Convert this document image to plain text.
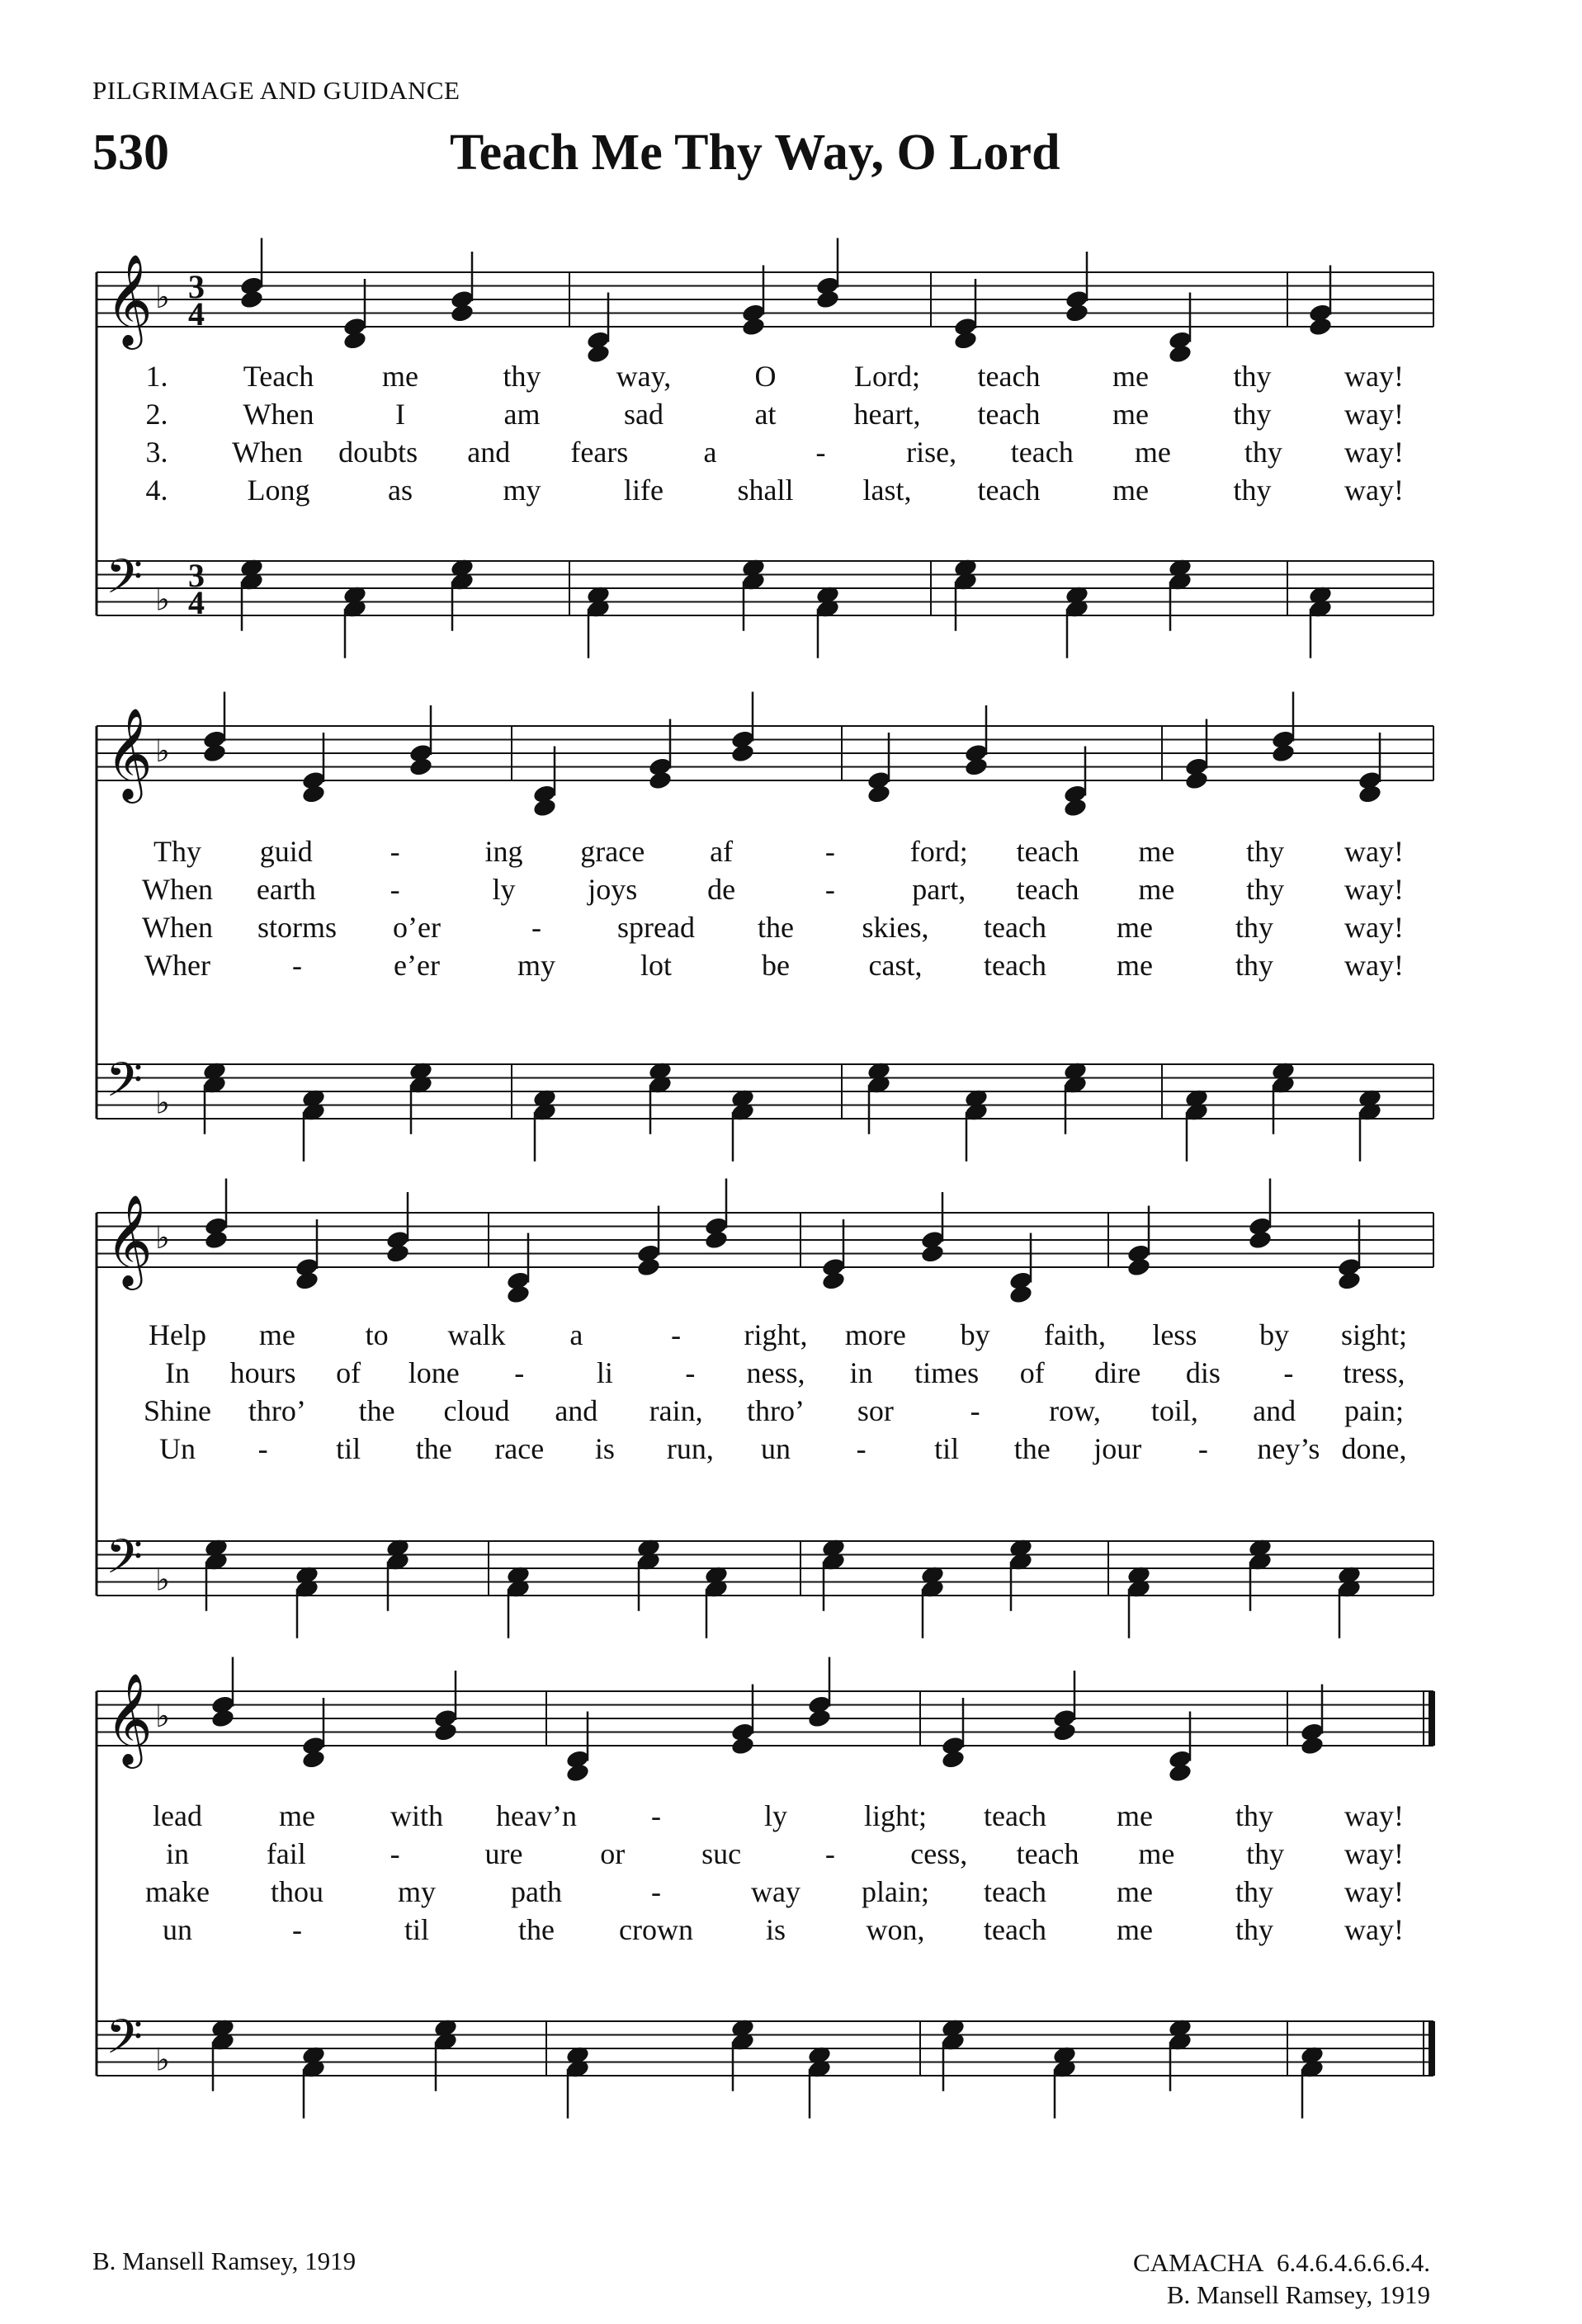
PILGRIMAGE AND GUIDANCE
530	Teach Me Thy Way, O Lord
𝄞
𝄢
♭
♭
3
4
3
4
1.	Teach me	thy	way,	O	Lord; teach me	thy way!
2.	When	I	am	sad	at	heart, teach me	thy way!
3. When doubts and fears	a	-	rise, teach me thy way!
4.	Long	as	my	life shall last, teach me	thy way!
𝄞
𝄢
♭
♭
Thy guid	-	ing grace af	-	ford; teach me thy way!
When earth -	ly joys de	-	part, teach me thy way!
When storms o’er	-	spread the skies, teach me	thy way!
Wher	-	e’er	my	lot	be	cast, teach me	thy way!
𝄞
𝄢
♭
♭
Help me to walk a	- right, more by faith, less by sight;
In hours of lone - li - ness, in times of dire dis - tress,
Shine thro’ the cloud and rain, thro’ sor	- row, toil, and pain;
Un - til the race is run, un - til the jour - ney’s done,
𝄞
𝄢
♭
♭
lead	me	with heav’n	-	ly	light; teach me	thy way!
in	fail	-	ure	or	suc	-	cess, teach me thy way!
make thou my	path	-	way plain; teach me	thy way!
un	-	til	the crown is	won, teach me	thy way!
B. Mansell Ramsey, 1919	CAMACHA 6.4.6.4.6.6.6.4.
B. Mansell Ramsey, 1919
